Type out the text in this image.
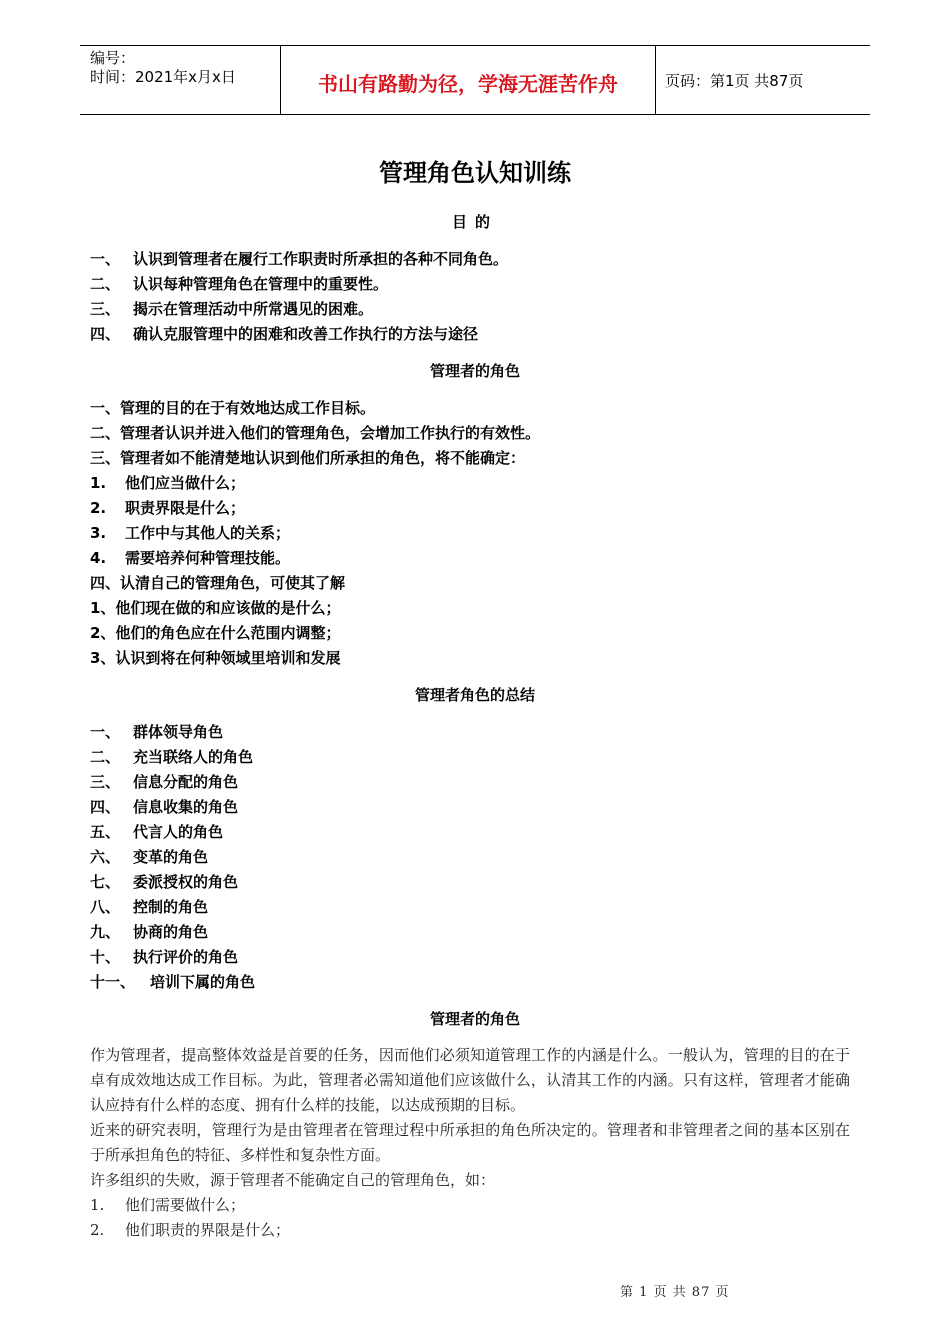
编号：
时间：2021年x月x日	书山有路勤为径，学海无涯苦作舟	页码：第1页 共87页
管理角色认知训练
目的
一、 认识到管理者在履行工作职责时所承担的各种不同角色。
二、 认识每种管理角色在管理中的重要性。
三、 揭示在管理活动中所常遇见的困难。
四、 确认克服管理中的困难和改善工作执行的方法与途径
管理者的角色
一、管理的目的在于有效地达成工作目标。
二、管理者认识并进入他们的管理角色，会增加工作执行的有效性。
三、管理者如不能清楚地认识到他们所承担的角色，将不能确定：
1. 他们应当做什么；
2. 职责界限是什么；
3. 工作中与其他人的关系；
4. 需要培养何种管理技能。
四、认清自己的管理角色，可使其了解
1、他们现在做的和应该做的是什么；
2、他们的角色应在什么范围内调整；
3、认识到将在何种领域里培训和发展
管理者角色的总结
一、 群体领导角色
二、 充当联络人的角色
三、 信息分配的角色
四、 信息收集的角色
五、 代言人的角色
六、 变革的角色
七、 委派授权的角色
八、 控制的角色
九、 协商的角色
十、 执行评价的角色
十一、 培训下属的角色
管理者的角色

作为管理者，提高整体效益是首要的任务，因而他们必须知道管理工作的内涵是什么。一般认为，管理的目的在于卓有成效地达成工作目标。为此，管理者必需知道他们应该做什么，认清其工作的内涵。只有这样，管理者才能确认应持有什么样的态度、拥有什么样的技能，以达成预期的目标。

近来的研究表明，管理行为是由管理者在管理过程中所承担的角色所决定的。管理者和非管理者之间的基本区别在于所承担角色的特征、多样性和复杂性方面。

许多组织的失败，源于管理者不能确定自己的管理角色，如：

1. 他们需要做什么；
2. 他们职责的界限是什么；
第 1 页 共 87 页
